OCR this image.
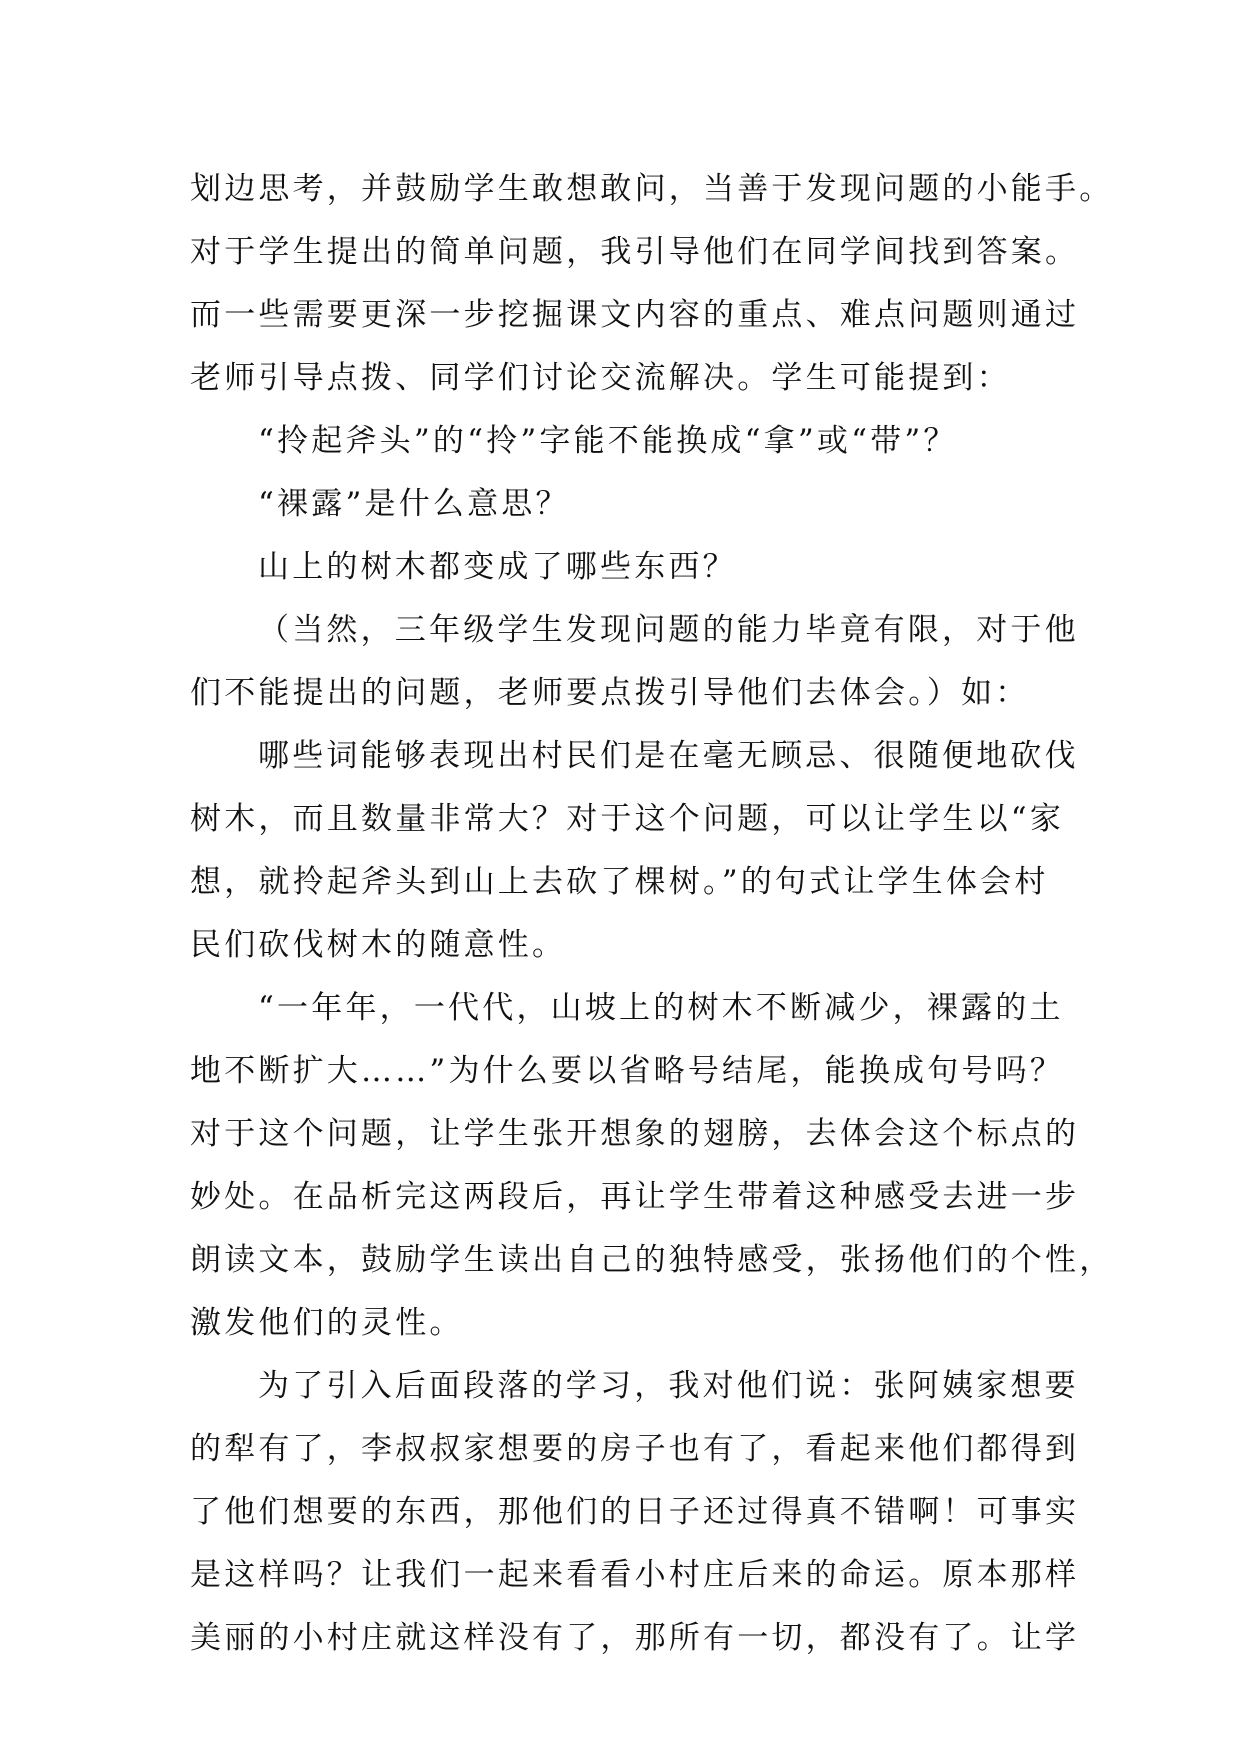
划边思考，并鼓励学生敢想敢问，当善于发现问题的小能手。
对于学生提出的简单问题，我引导他们在同学间找到答案。
而一些需要更深一步挖掘课文内容的重点、难点问题则通过
老师引导点拨、同学们讨论交流解决。学生可能提到：
“拎起斧头”的“拎”字能不能换成“拿”或“带”？
“裸露”是什么意思？
山上的树木都变成了哪些东西？
（当然，三年级学生发现问题的能力毕竟有限，对于他
们不能提出的问题，老师要点拨引导他们去体会。）如：
哪些词能够表现出村民们是在毫无顾忌、很随便地砍伐
树木，而且数量非常大？对于这个问题，可以让学生以“家
想，就拎起斧头到山上去砍了棵树。”的句式让学生体会村
民们砍伐树木的随意性。
“一年年，一代代，山坡上的树木不断减少，裸露的土
地不断扩大……”为什么要以省略号结尾，能换成句号吗？
对于这个问题，让学生张开想象的翅膀，去体会这个标点的
妙处。在品析完这两段后，再让学生带着这种感受去进一步
朗读文本，鼓励学生读出自己的独特感受，张扬他们的个性，
激发他们的灵性。
为了引入后面段落的学习，我对他们说：张阿姨家想要
的犁有了，李叔叔家想要的房子也有了，看起来他们都得到
了他们想要的东西，那他们的日子还过得真不错啊！可事实
是这样吗？让我们一起来看看小村庄后来的命运。原本那样
美丽的小村庄就这样没有了，那所有一切，都没有了。让学
